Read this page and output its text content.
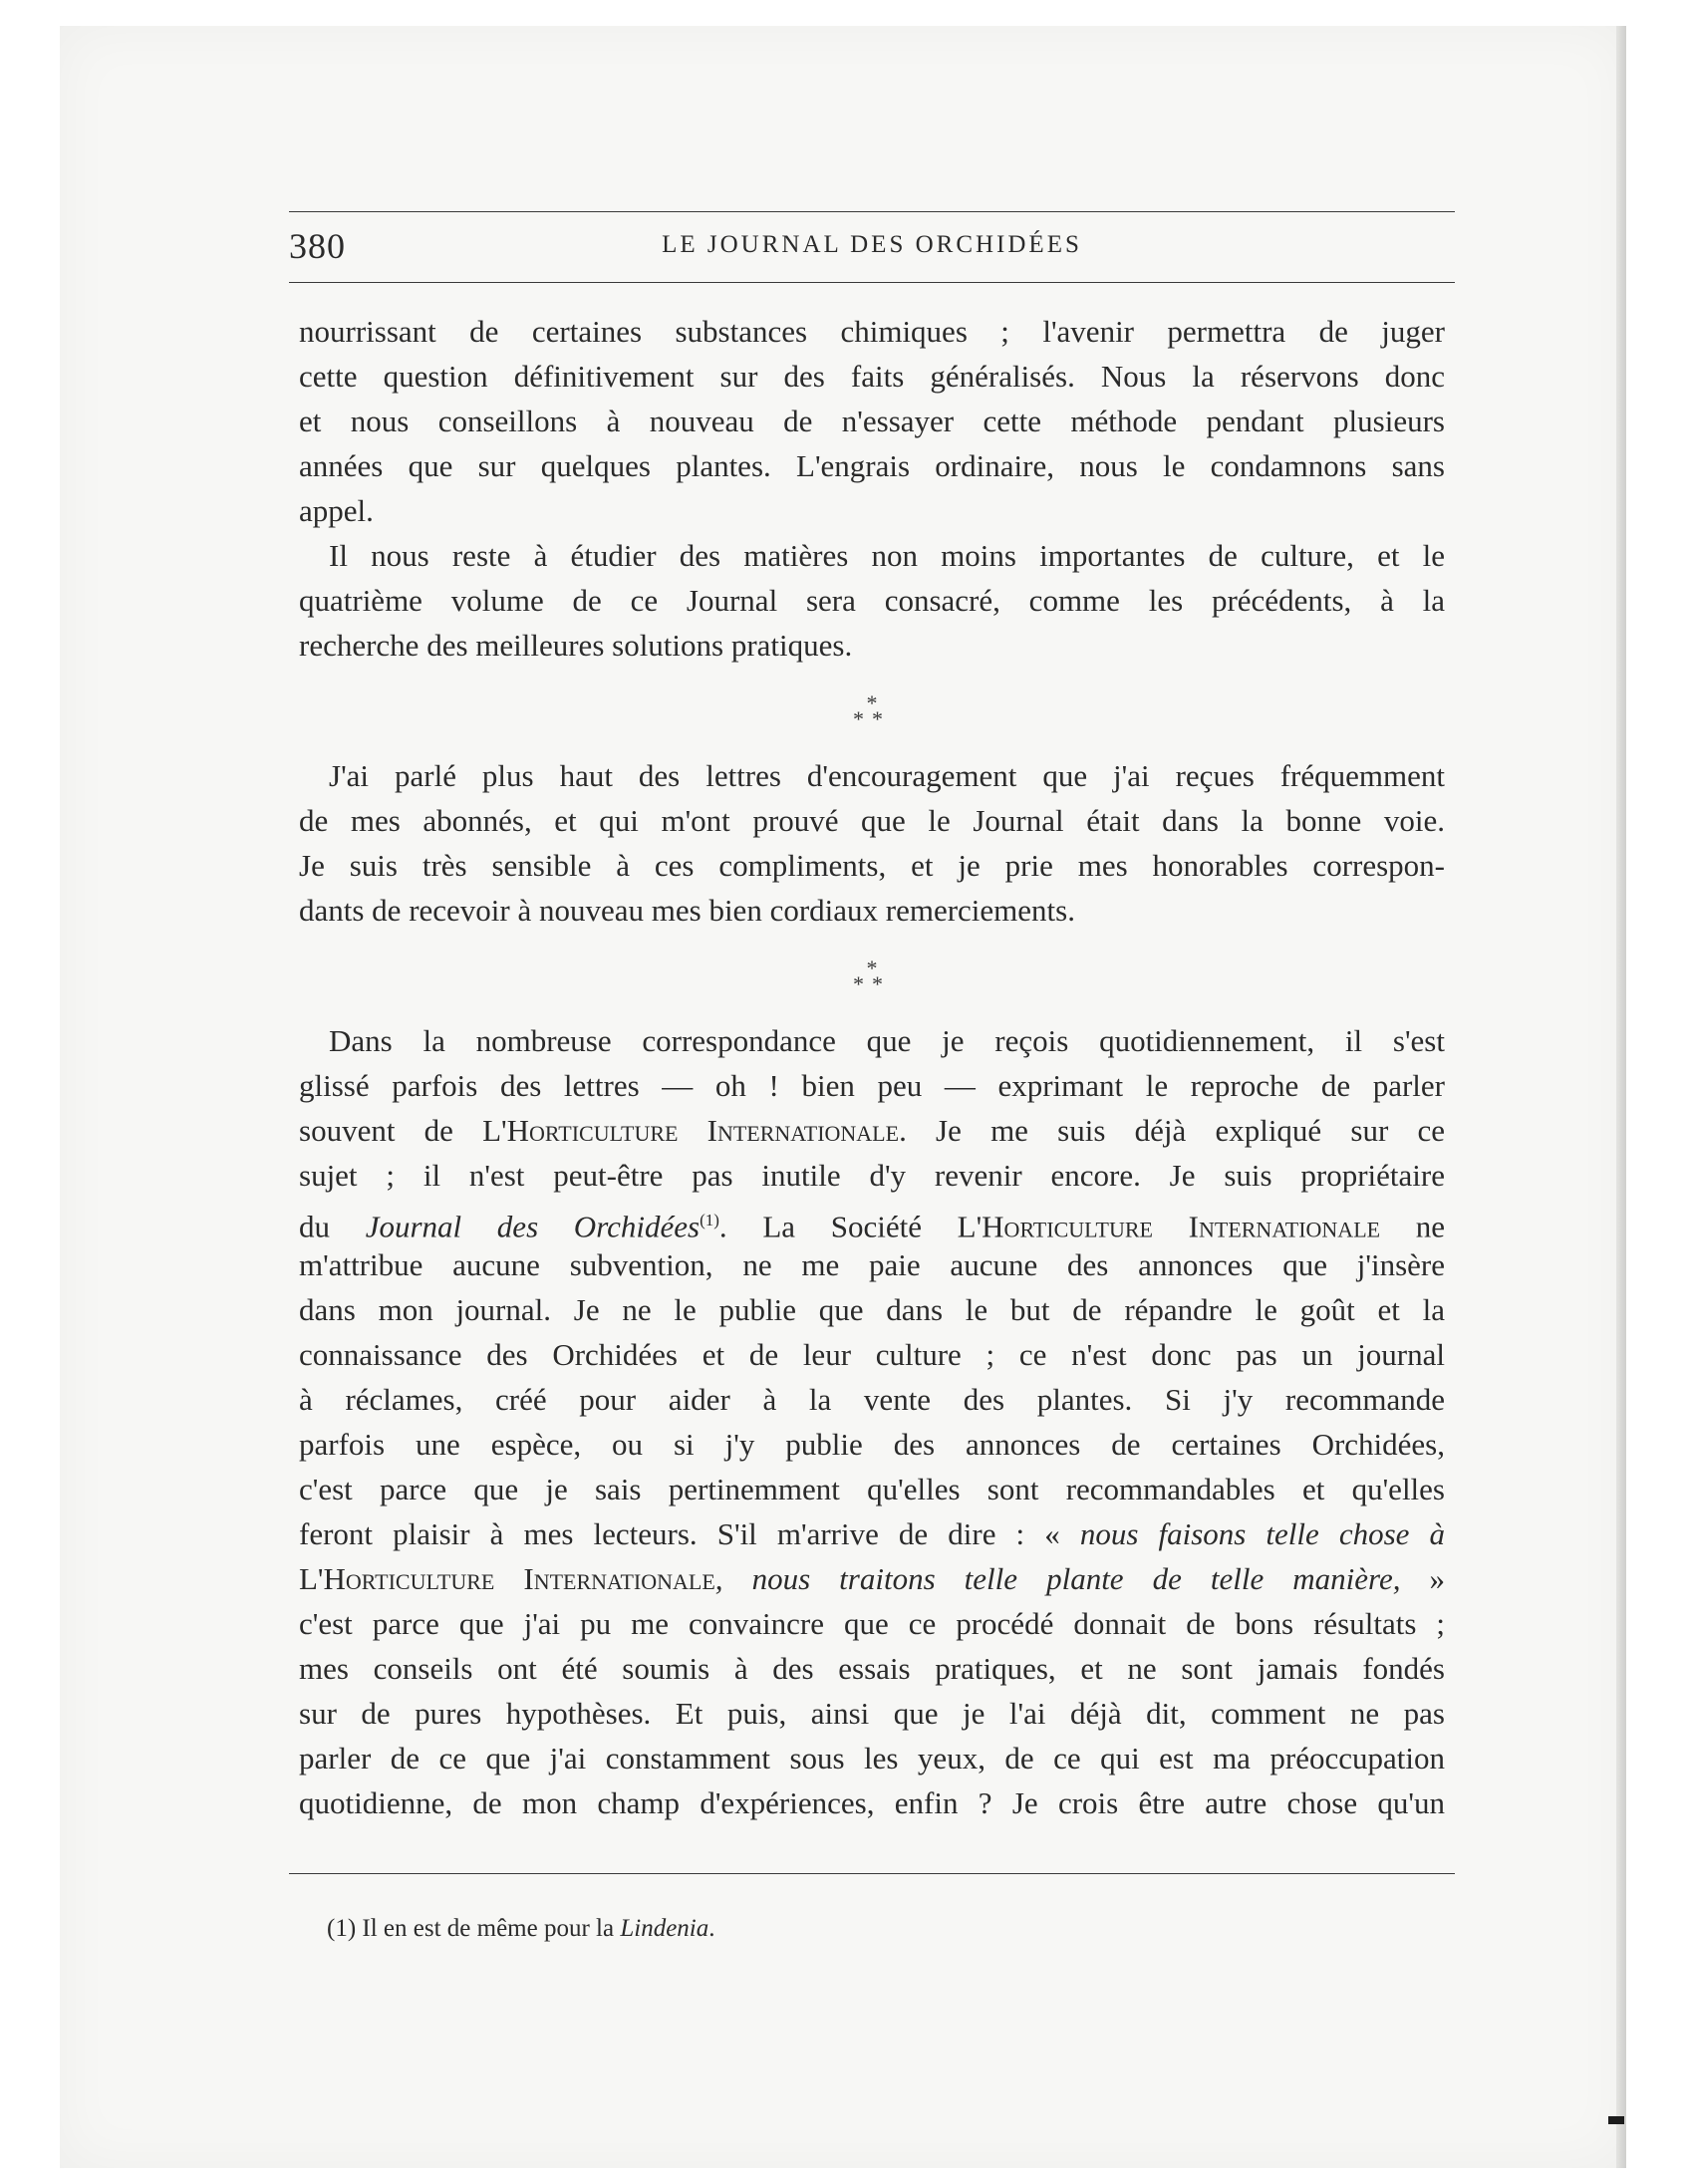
380	LE JOURNAL DES ORCHIDÉES
nourrissant de certaines substances chimiques ; l'avenir permettra de juger
cette question définitivement sur des faits généralisés. Nous la réservons donc
et nous conseillons à nouveau de n'essayer cette méthode pendant plusieurs
années que sur quelques plantes. L'engrais ordinaire, nous le condamnons sans
appel.
Il nous reste à étudier des matières non moins importantes de culture, et le
quatrième volume de ce Journal sera consacré, comme les précédents, à la
recherche des meilleures solutions pratiques.
*
**
J'ai parlé plus haut des lettres d'encouragement que j'ai reçues fréquemment
de mes abonnés, et qui m'ont prouvé que le Journal était dans la bonne voie.
Je suis très sensible à ces compliments, et je prie mes honorables correspon-
dants de recevoir à nouveau mes bien cordiaux remerciements.
*
**
Dans la nombreuse correspondance que je reçois quotidiennement, il s'est
glissé parfois des lettres — oh ! bien peu — exprimant le reproche de parler
souvent de L'Horticulture Internationale. Je me suis déjà expliqué sur ce
sujet ; il n'est peut-être pas inutile d'y revenir encore. Je suis propriétaire
du Journal des Orchidées$^{(1)}$. La Société L'Horticulture Internationale ne
m'attribue aucune subvention, ne me paie aucune des annonces que j'insère
dans mon journal. Je ne le publie que dans le but de répandre le goût et la
connaissance des Orchidées et de leur culture ; ce n'est donc pas un journal
à réclames, créé pour aider à la vente des plantes. Si j'y recommande
parfois une espèce, ou si j'y publie des annonces de certaines Orchidées,
c'est parce que je sais pertinemment qu'elles sont recommandables et qu'elles
feront plaisir à mes lecteurs. S'il m'arrive de dire : « nous faisons telle chose à
L'Horticulture Internationale, nous traitons telle plante de telle manière, »
c'est parce que j'ai pu me convaincre que ce procédé donnait de bons résultats ;
mes conseils ont été soumis à des essais pratiques, et ne sont jamais fondés
sur de pures hypothèses. Et puis, ainsi que je l'ai déjà dit, comment ne pas
parler de ce que j'ai constamment sous les yeux, de ce qui est ma préoccupation
quotidienne, de mon champ d'expériences, enfin ? Je crois être autre chose qu'un
(1) Il en est de même pour la Lindenia.
